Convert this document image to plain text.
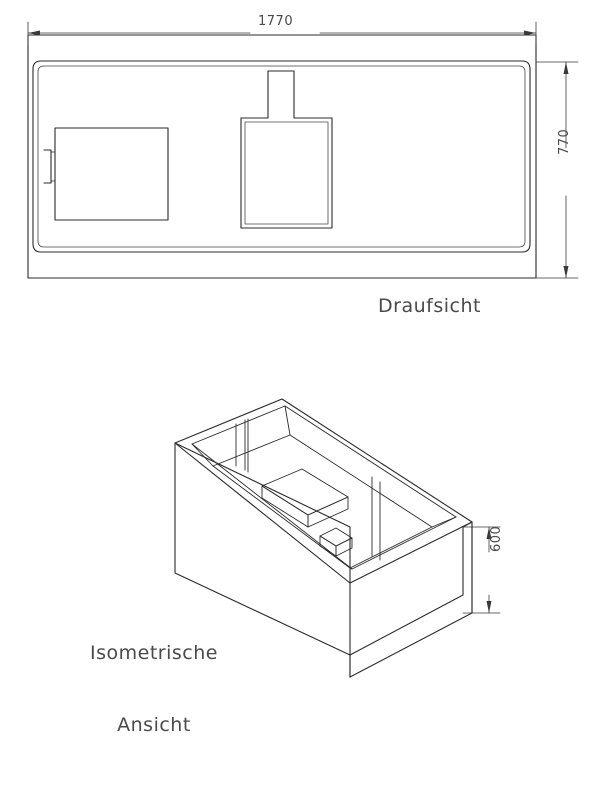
1770
770
Draufsicht

Isometrische

Ansicht

600
